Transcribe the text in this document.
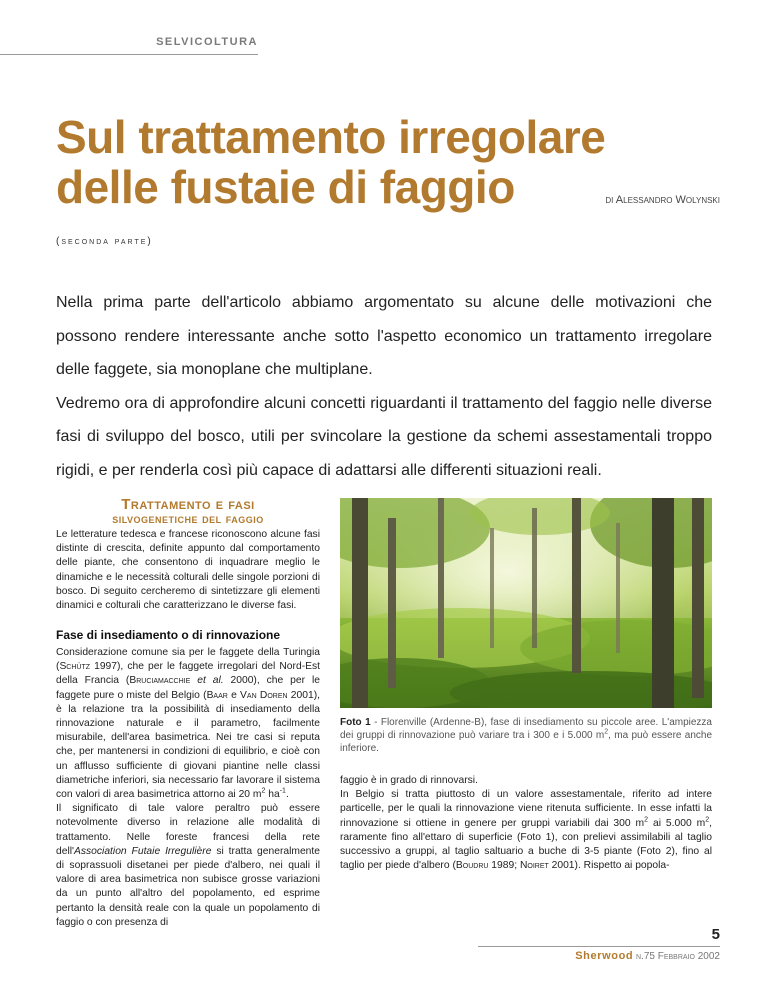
SELVICOLTURA
Sul trattamento irregolare
delle fustaie di faggio	di Alessandro Wolynski
(seconda parte)

Nella prima parte dell'articolo abbiamo argomentato su alcune delle motivazioni che possono rendere interessante anche sotto l'aspetto economico un trattamento irregolare delle faggete, sia monoplane che multiplane.

Vedremo ora di approfondire alcuni concetti riguardanti il trattamento del faggio nelle diverse fasi di sviluppo del bosco, utili per svincolare la gestione da schemi assestamentali troppo rigidi, e per renderla così più capace di adattarsi alle differenti situazioni reali.

Trattamento e fasi
silvogenetiche del faggio

Le letterature tedesca e francese riconoscono alcune fasi distinte di crescita, definite appunto dal comportamento delle piante, che consentono di inquadrare meglio le dinamiche e le necessità colturali delle singole porzioni di bosco. Di seguito cercheremo di sintetizzare gli elementi dinamici e colturali che caratterizzano le diverse fasi.

Fase di insediamento o di rinnovazione

Considerazione comune sia per le faggete della Turingia (Schütz 1997), che per le faggete irregolari del Nord-Est della Francia (Bruciamacchie et al. 2000), che per le faggete pure o miste del Belgio (Baar e Van Doren 2001), è la relazione tra la possibilità di insediamento della rinnovazione naturale e il parametro, facilmente misurabile, dell'area basimetrica. Nei tre casi si reputa che, per mantenersi in condizioni di equilibrio, e cioè con un afflusso sufficiente di giovani piantine nelle classi diametriche inferiori, sia necessario far lavorare il sistema con valori di area basimetrica attorno ai 20 $m^2$ $ha^{-1}$.

Il significato di tale valore peraltro può essere notevolmente diverso in relazione alle modalità di trattamento. Nelle foreste francesi della rete dell'Association Futaie Irregulière si tratta generalmente di soprassuoli disetanei per piede d'albero, nei quali il valore di area basimetrica non subisce grosse variazioni da un punto all'altro del popolamento, ed esprime pertanto la densità reale con la quale un popolamento di faggio o con presenza di

Foto 1 - Florenville (Ardenne-B), fase di insediamento su piccole aree. L'ampiezza dei gruppi di rinnovazione può variare tra i 300 e i 5.000 $m^2$, ma può essere anche inferiore.

faggio è in grado di rinnovarsi.

In Belgio si tratta piuttosto di un valore assestamentale, riferito ad intere particelle, per le quali la rinnovazione viene ritenuta sufficiente. In esse infatti la rinnovazione si ottiene in genere per gruppi variabili dai 300 $m^2$ ai 5.000 $m^2$, raramente fino all'ettaro di superficie (Foto 1), con prelievi assimilabili al taglio successivo a gruppi, al taglio saltuario a buche di 3-5 piante (Foto 2), fino al taglio per piede d'albero (Boudru 1989; Noiret 2001). Rispetto ai popola-

5
Sherwood n.75 Febbraio 2002
